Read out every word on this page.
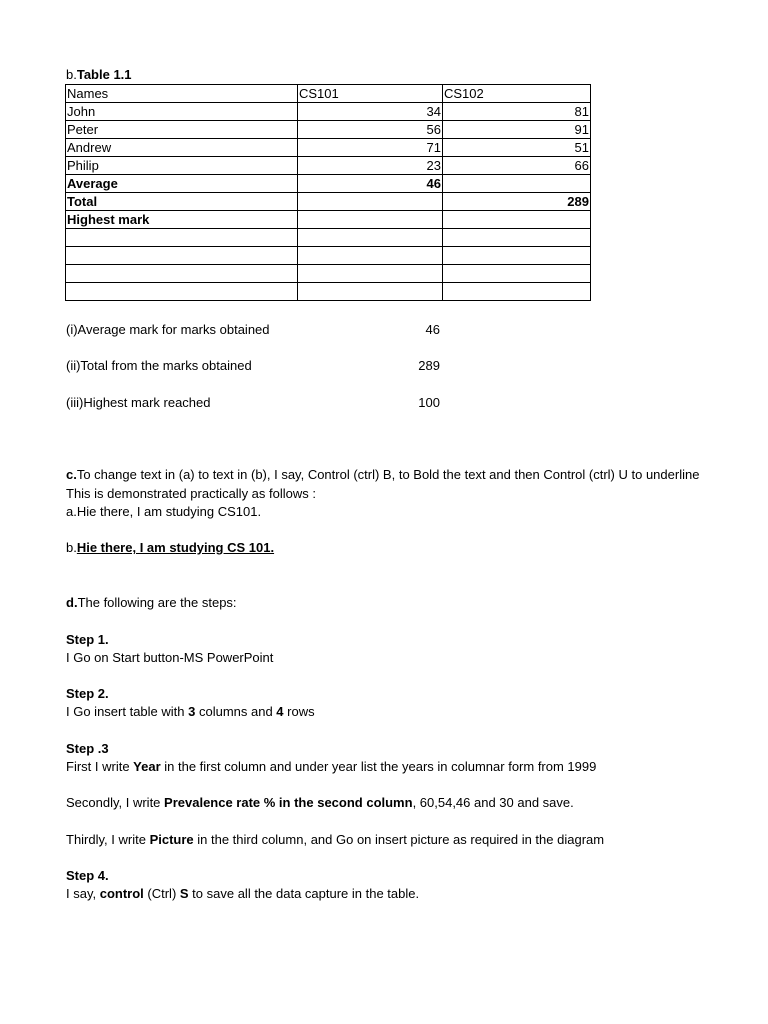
b.Table 1.1
Names	CS101	CS102
John	34	81
Peter	56	91
Andrew	71	51
Philip	23	66
Average	46	
Total		289
Highest mark		

(i)Average mark for marks obtained	46
(ii)Total from the marks obtained	289
(iii)Highest mark reached	100
c.To change text in (a) to text in (b), I say, Control (ctrl) B, to Bold the text and then Control (ctrl) U to underline
This is demonstrated practically as follows :
a.Hie there, I am studying CS101.
b.Hie there, I am studying CS 101.
d.The following are the steps:
Step 1.
I Go on Start button-MS PowerPoint
Step 2.
I Go insert table with 3 columns and 4 rows
Step .3
First I write Year in the first column and under year list the years in columnar form from 1999
Secondly, I write Prevalence rate % in the second column, 60,54,46 and 30 and save.
Thirdly, I write Picture in the third column, and Go on insert picture as required in the diagram
Step 4.
I say, control (Ctrl) S to save all the data capture in the table.
